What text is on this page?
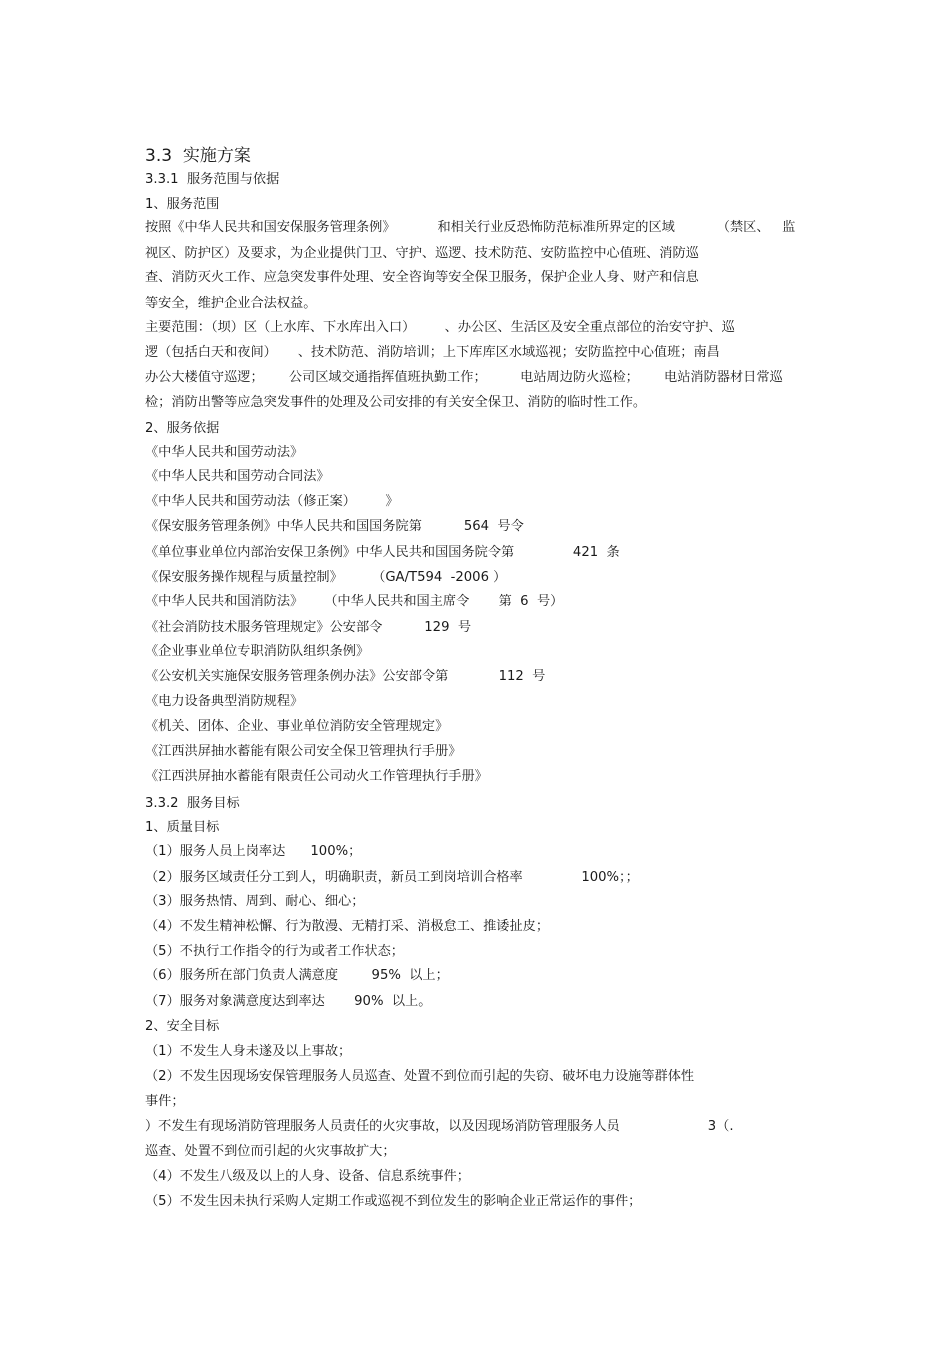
3.3  实施方案
3.3.1  服务范围与依据
1、服务范围
按照《中华人民共和国安保服务管理条例》          和相关行业反恐怖防范标准所界定的区域          （禁区、   监
视区、防护区）及要求，为企业提供门卫、守护、巡逻、技术防范、安防监控中心值班、消防巡
查、消防灭火工作、应急突发事件处理、安全咨询等安全保卫服务，保护企业人身、财产和信息
等安全，维护企业合法权益。
主要范围：（坝）区（上水库、下水库出入口）       、办公区、生活区及安全重点部位的治安守护、巡
逻（包括白天和夜间）     、技术防范、消防培训；上下库库区水域巡视；安防监控中心值班；南昌
办公大楼值守巡逻；      公司区域交通指挥值班执勤工作；        电站周边防火巡检；      电站消防器材日常巡
检；消防出警等应急突发事件的处理及公司安排的有关安全保卫、消防的临时性工作。
2、服务依据
《中华人民共和国劳动法》
《中华人民共和国劳动合同法》
《中华人民共和国劳动法（修正案）       》
《保安服务管理条例》中华人民共和国国务院第          564  号令
《单位事业单位内部治安保卫条例》中华人民共和国国务院令第              421  条
《保安服务操作规程与质量控制》       （GA/T594  -2006 ）
《中华人民共和国消防法》     （中华人民共和国主席令       第  6  号）
《社会消防技术服务管理规定》公安部令          129  号
《企业事业单位专职消防队组织条例》
《公安机关实施保安服务管理条例办法》公安部令第            112  号
《电力设备典型消防规程》
《机关、团体、企业、事业单位消防安全管理规定》
《江西洪屏抽水蓄能有限公司安全保卫管理执行手册》
《江西洪屏抽水蓄能有限责任公司动火工作管理执行手册》
3.3.2  服务目标
1、质量目标
（1）服务人员上岗率达      100%；
（2）服务区域责任分工到人，明确职责，新员工到岗培训合格率              100%；；
（3）服务热情、周到、耐心、细心；
（4）不发生精神松懈、行为散漫、无精打采、消极怠工、推诿扯皮；
（5）不执行工作指令的行为或者工作状态；
（6）服务所在部门负责人满意度        95%  以上；
（7）服务对象满意度达到率达       90%  以上。
2、安全目标
（1）不发生人身未遂及以上事故；
（2）不发生因现场安保管理服务人员巡查、处置不到位而引起的失窃、破坏电力设施等群体性
事件；
）不发生有现场消防管理服务人员责任的火灾事故，以及因现场消防管理服务人员                     3（.
巡查、处置不到位而引起的火灾事故扩大；
（4）不发生八级及以上的人身、设备、信息系统事件；
（5）不发生因未执行采购人定期工作或巡视不到位发生的影响企业正常运作的事件；
